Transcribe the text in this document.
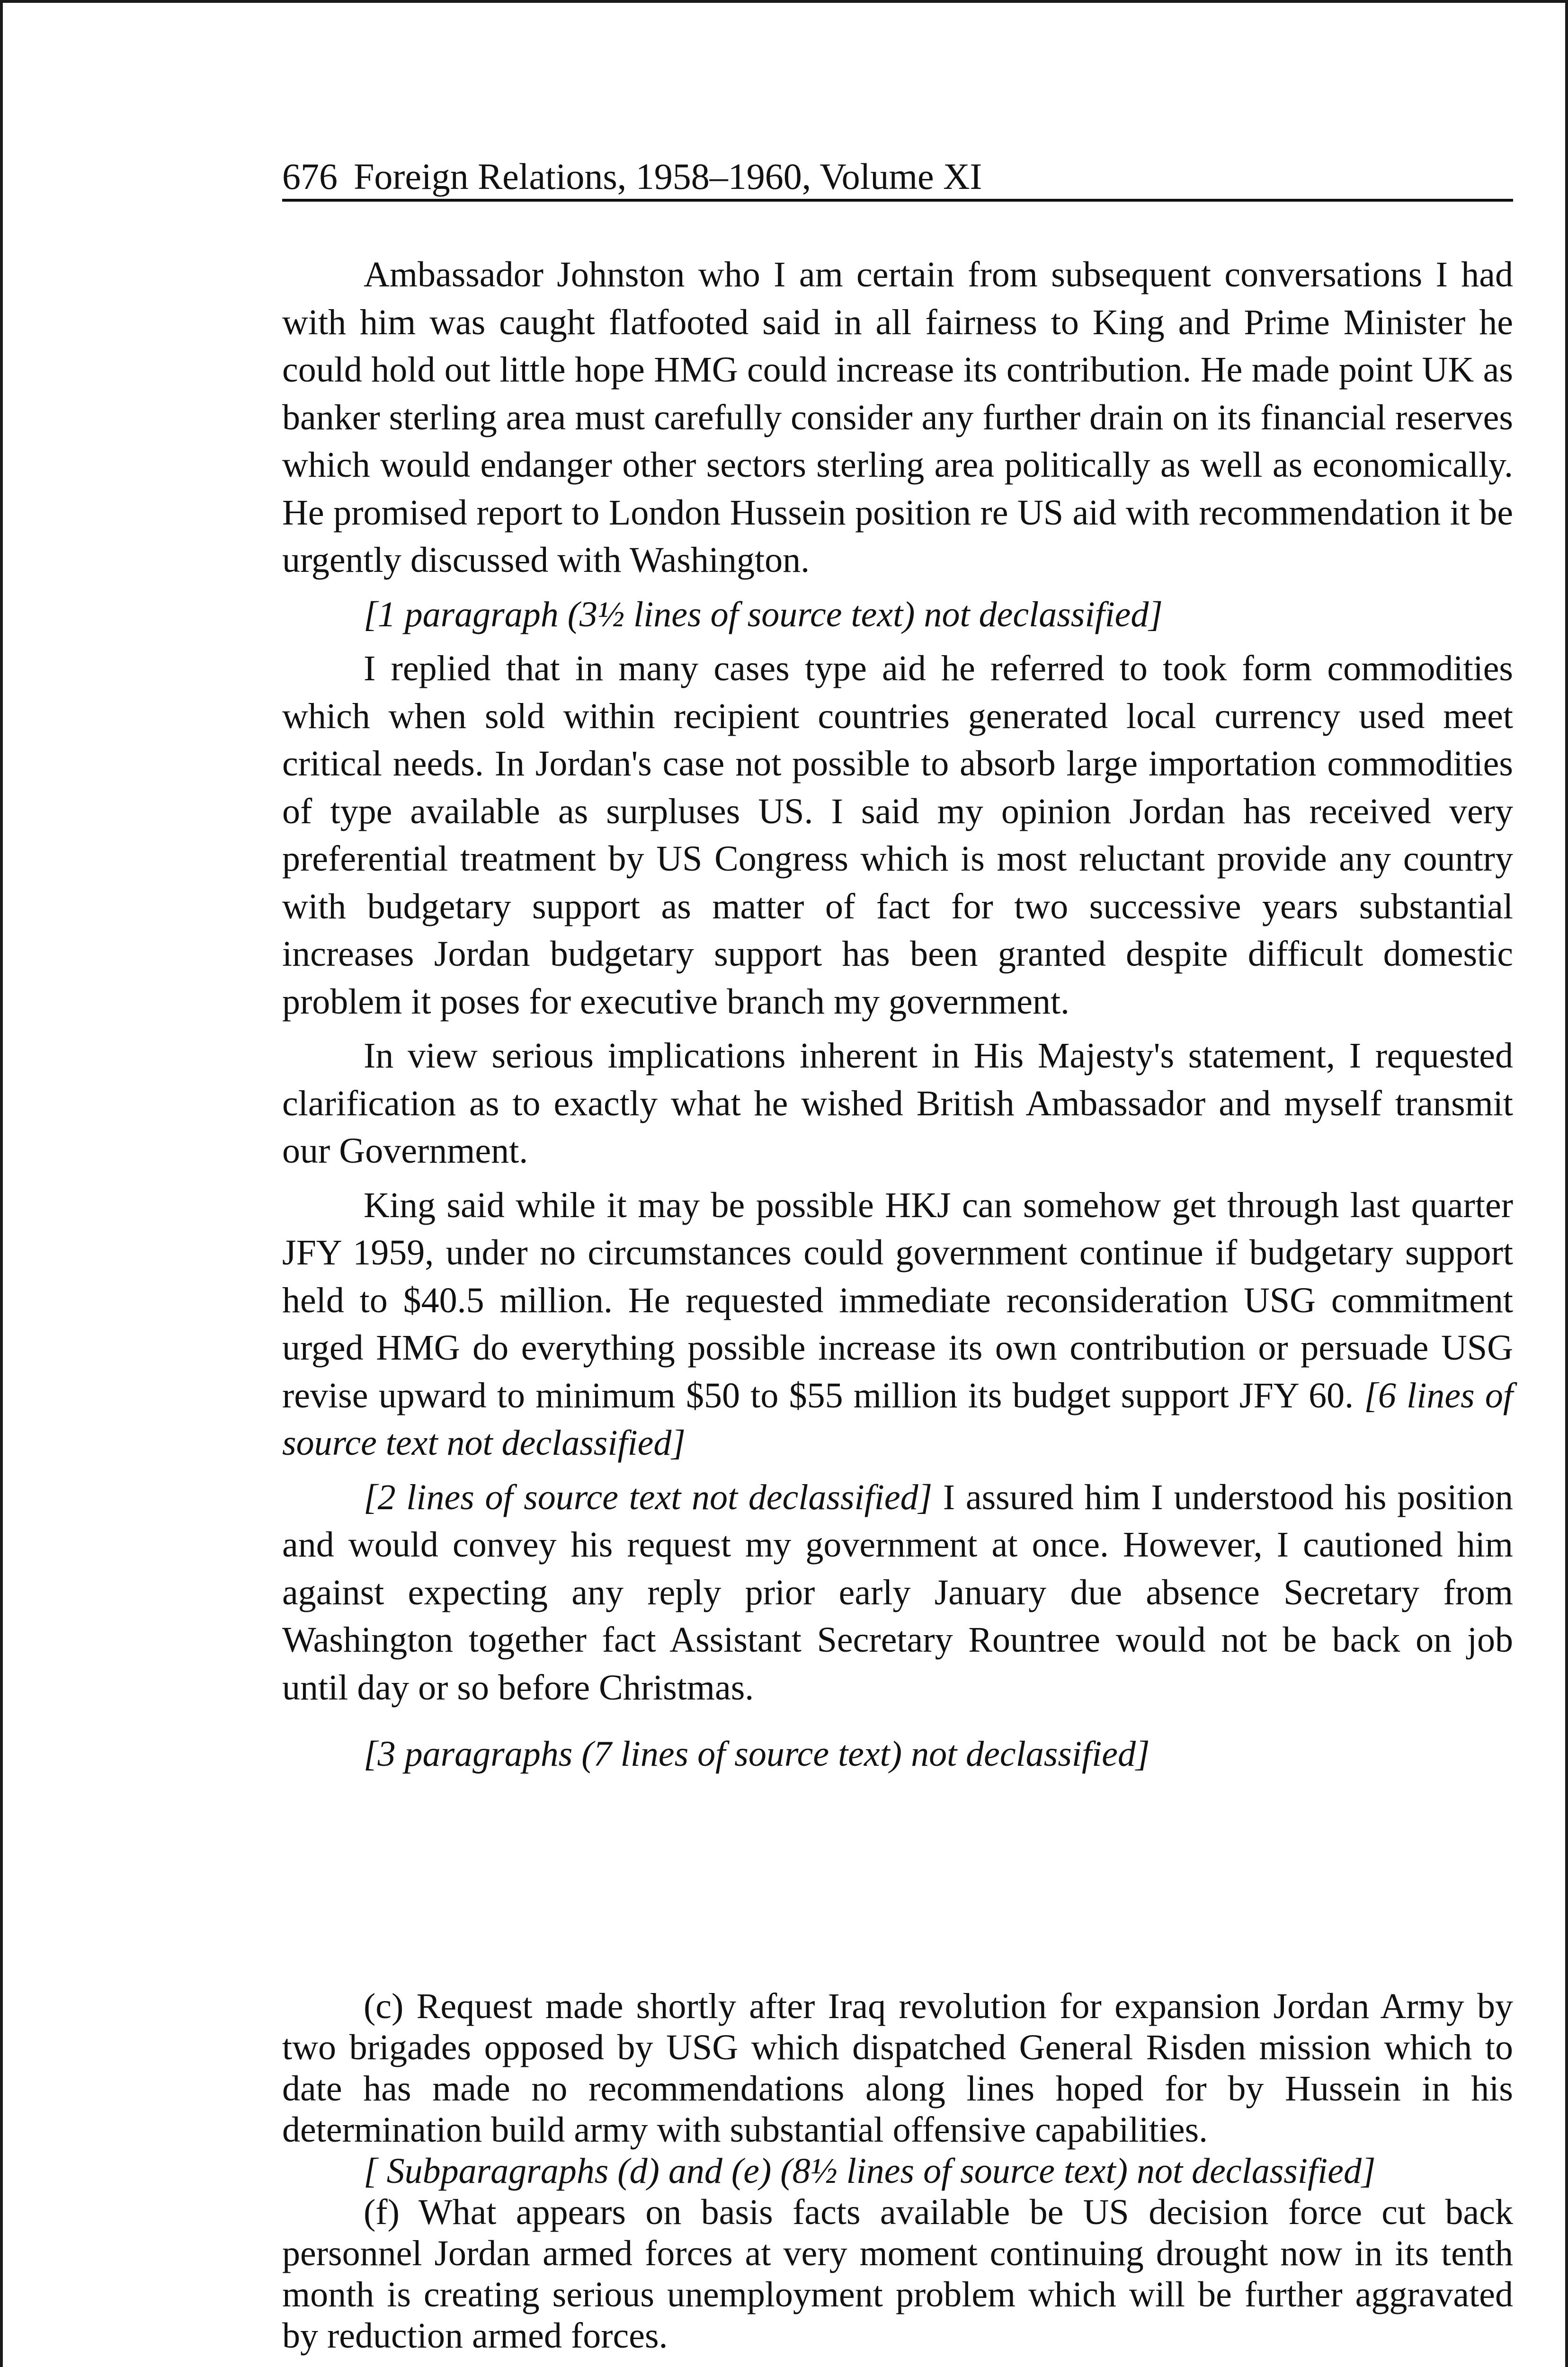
676 Foreign Relations, 1958–1960, Volume XI

Ambassador Johnston who I am certain from subsequent conversations I had with him was caught flatfooted said in all fairness to King and Prime Minister he could hold out little hope HMG could increase its contribution. He made point UK as banker sterling area must carefully consider any further drain on its financial reserves which would endanger other sectors sterling area politically as well as economically. He promised report to London Hussein position re US aid with recommendation it be urgently discussed with Washington.

[1 paragraph (3½ lines of source text) not declassified]

I replied that in many cases type aid he referred to took form commodities which when sold within recipient countries generated local currency used meet critical needs. In Jordan's case not possible to absorb large importation commodities of type available as surpluses US. I said my opinion Jordan has received very preferential treatment by US Congress which is most reluctant provide any country with budgetary support as matter of fact for two successive years substantial increases Jordan budgetary support has been granted despite difficult domestic problem it poses for executive branch my government.

In view serious implications inherent in His Majesty's statement, I requested clarification as to exactly what he wished British Ambassador and myself transmit our Government.

King said while it may be possible HKJ can somehow get through last quarter JFY 1959, under no circumstances could government continue if budgetary support held to $40.5 million. He requested immediate reconsideration USG commitment urged HMG do everything possible increase its own contribution or persuade USG revise upward to minimum $50 to $55 million its budget support JFY 60. [6 lines of source text not declassified]

[2 lines of source text not declassified] I assured him I understood his position and would convey his request my government at once. However, I cautioned him against expecting any reply prior early January due absence Secretary from Washington together fact Assistant Secretary Rountree would not be back on job until day or so before Christmas.

[3 paragraphs (7 lines of source text) not declassified]

(c) Request made shortly after Iraq revolution for expansion Jordan Army by two brigades opposed by USG which dispatched General Risden mission which to date has made no recommendations along lines hoped for by Hussein in his determination build army with substantial offensive capabilities.

[ Subparagraphs (d) and (e) (8½ lines of source text) not declassified]

(f) What appears on basis facts available be US decision force cut back personnel Jordan armed forces at very moment continuing drought now in its tenth month is creating serious unemployment problem which will be further aggravated by reduction armed forces.
